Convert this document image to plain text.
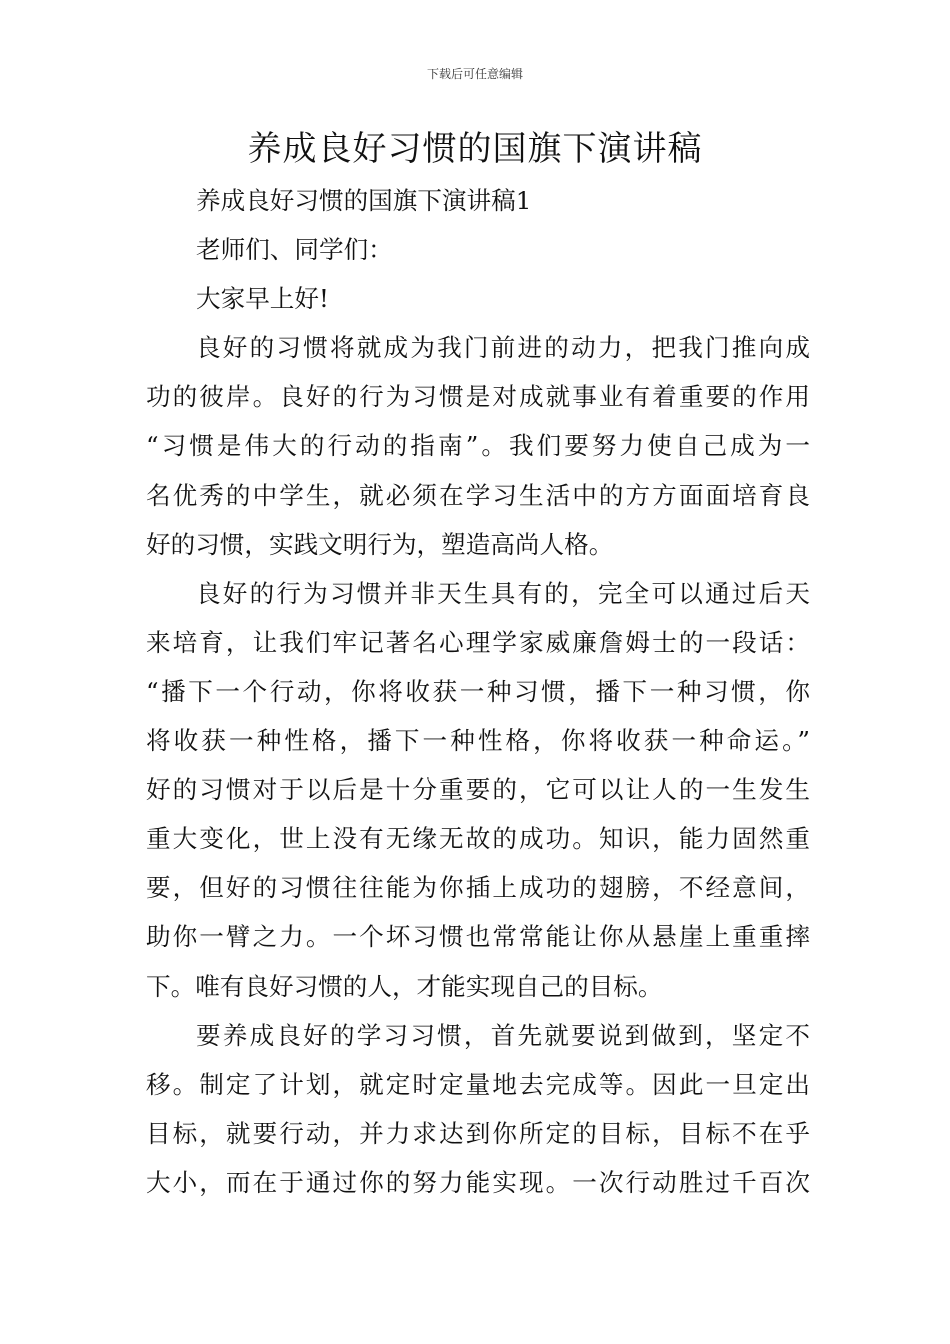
下载后可任意编辑
养成良好习惯的国旗下演讲稿
养成良好习惯的国旗下演讲稿1
老师们、同学们：
大家早上好!
良好的习惯将就成为我门前进的动力，把我门推向成
功的彼岸。良好的行为习惯是对成就事业有着重要的作用
“习惯是伟大的行动的指南”。我们要努力使自己成为一
名优秀的中学生，就必须在学习生活中的方方面面培育良
好的习惯，实践文明行为，塑造高尚人格。
良好的行为习惯并非天生具有的，完全可以通过后天
来培育，让我们牢记著名心理学家威廉詹姆士的一段话：
“播下一个行动，你将收获一种习惯，播下一种习惯，你
将收获一种性格，播下一种性格，你将收获一种命运。”
好的习惯对于以后是十分重要的，它可以让人的一生发生
重大变化，世上没有无缘无故的成功。知识，能力固然重
要，但好的习惯往往能为你插上成功的翅膀，不经意间，
助你一臂之力。一个坏习惯也常常能让你从悬崖上重重摔
下。唯有良好习惯的人，才能实现自己的目标。
要养成良好的学习习惯，首先就要说到做到，坚定不
移。制定了计划，就定时定量地去完成等。因此一旦定出
目标，就要行动，并力求达到你所定的目标，目标不在乎
大小，而在于通过你的努力能实现。一次行动胜过千百次
